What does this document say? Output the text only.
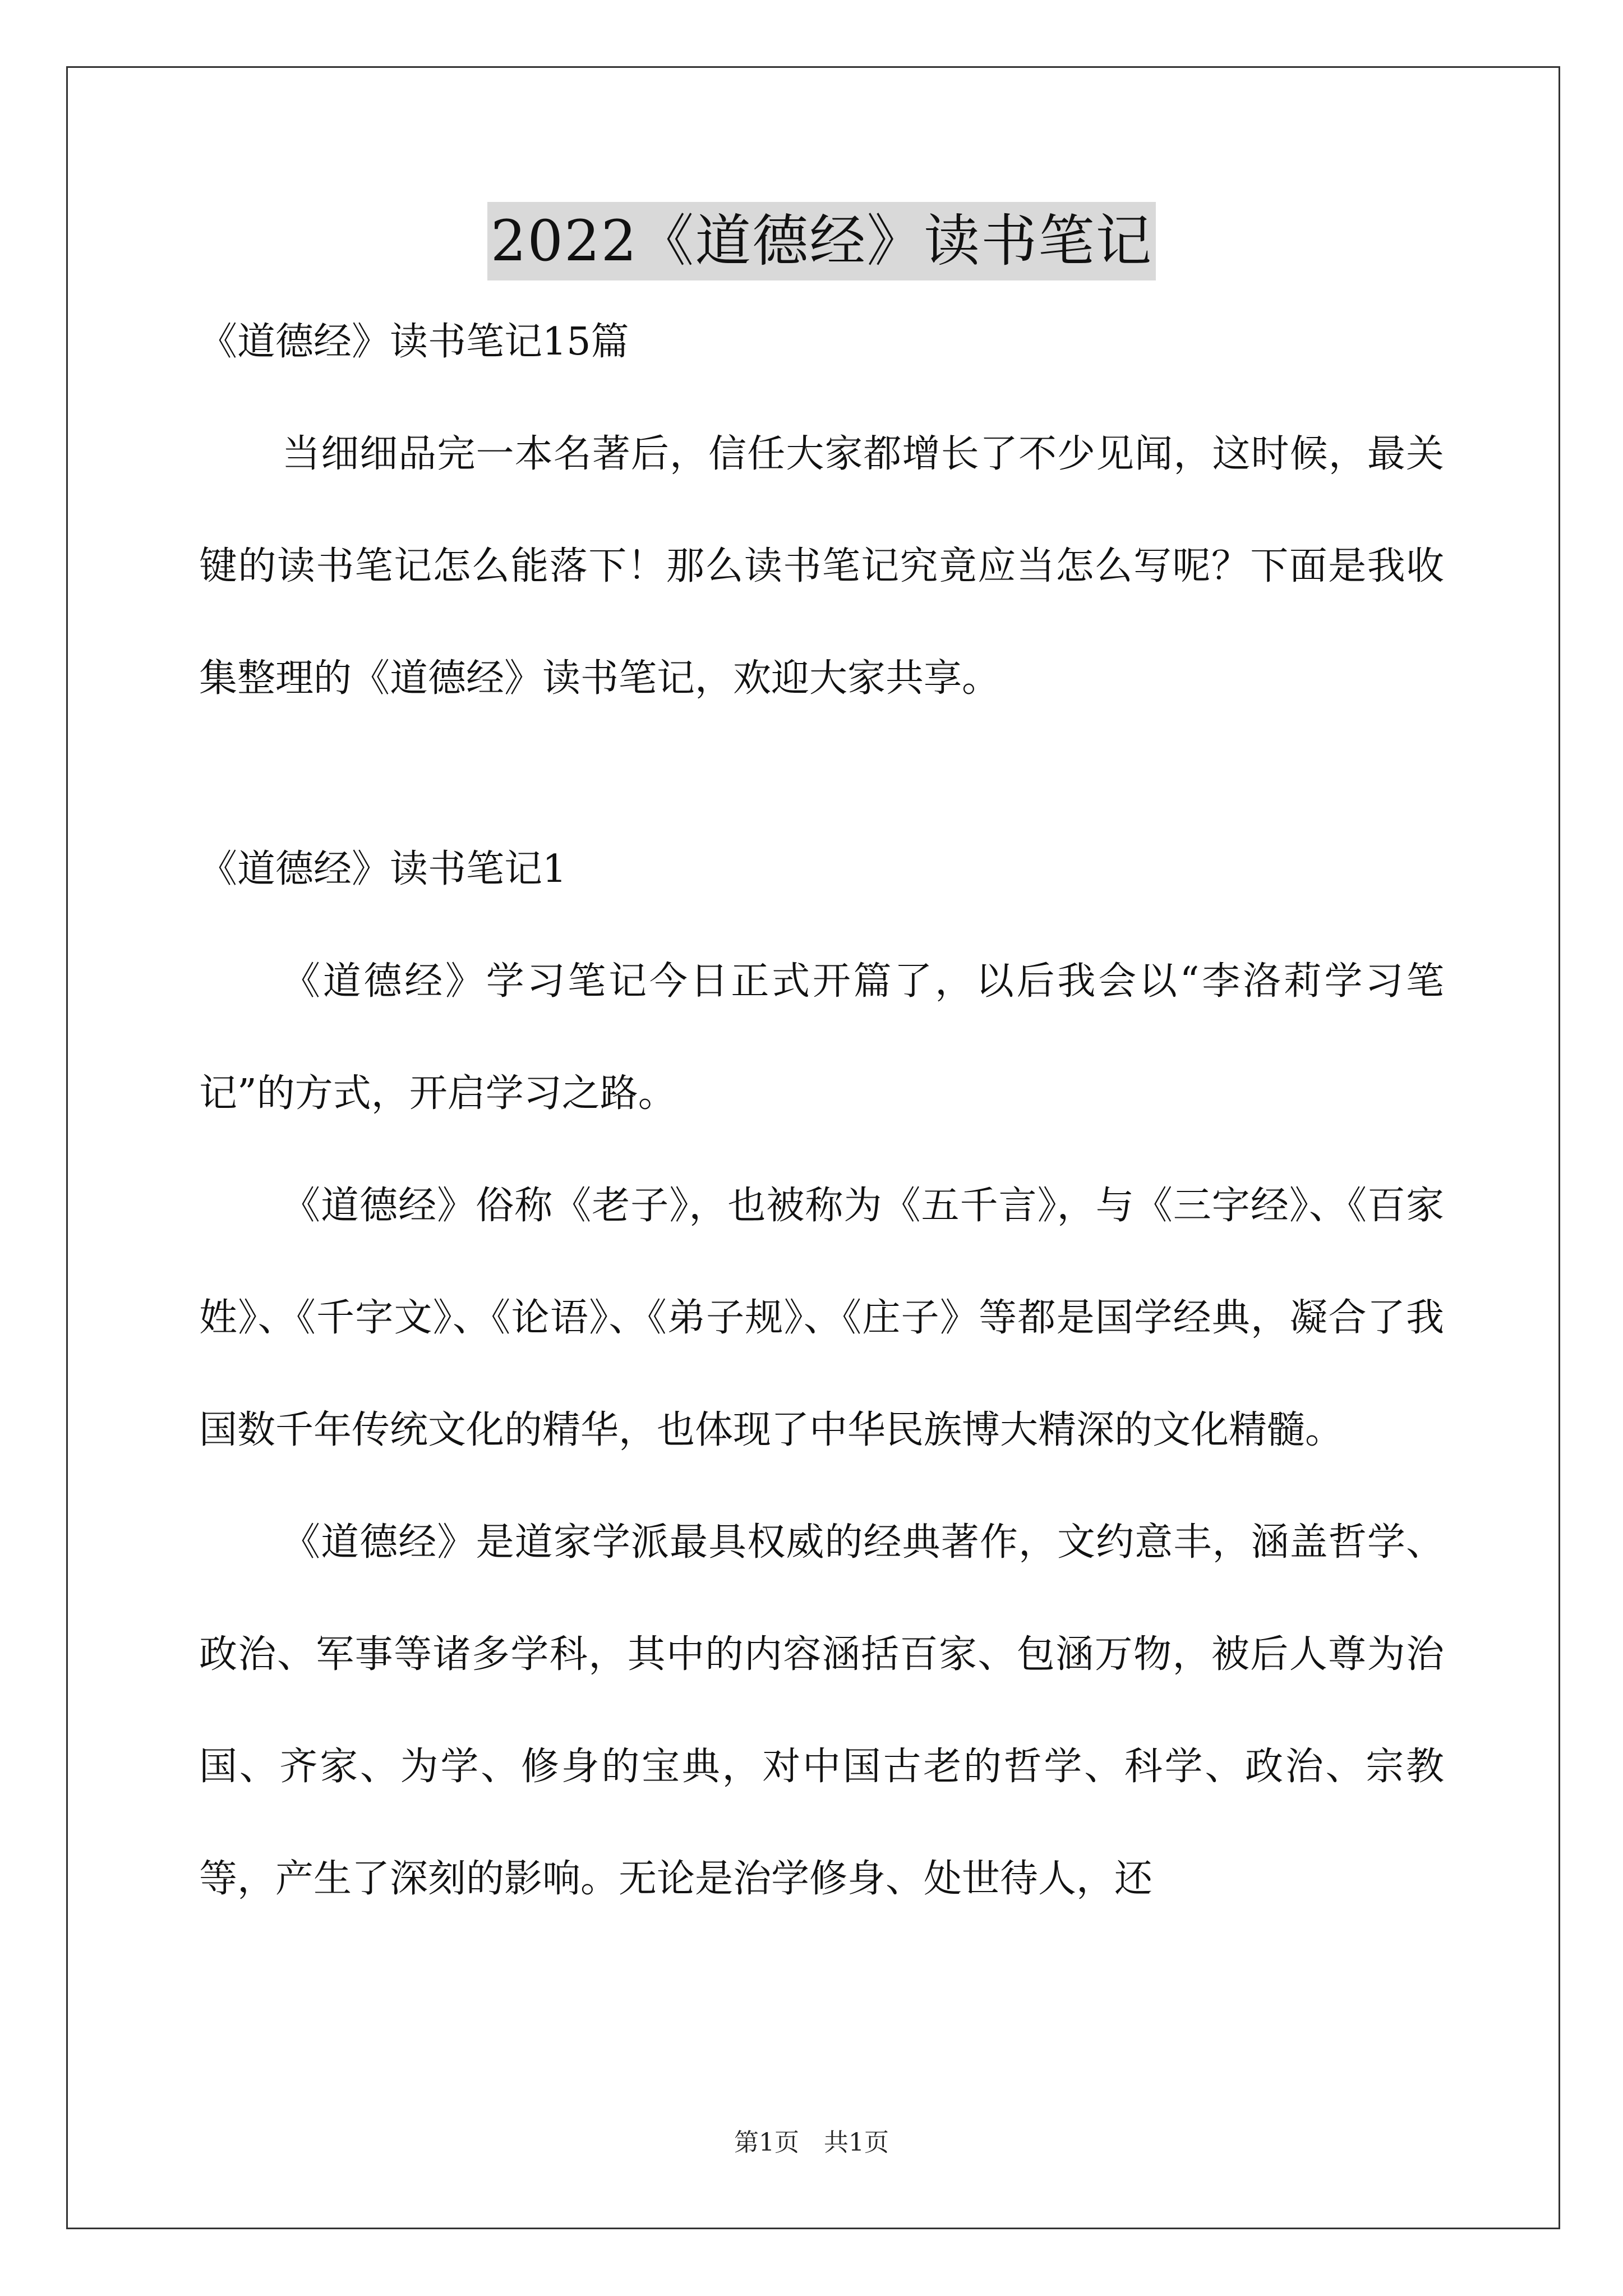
2022《道德经》读书笔记

《道德经》读书笔记15篇

当细细品完一本名著后，信任大家都增长了不少见闻，这时候，最关键的读书笔记怎么能落下！那么读书笔记究竟应当怎么写呢？下面是我收集整理的《道德经》读书笔记，欢迎大家共享。

《道德经》读书笔记1

《道德经》学习笔记今日正式开篇了，以后我会以“李洛莉学习笔记”的方式，开启学习之路。

《道德经》俗称《老子》，也被称为《五千言》，与《三字经》、《百家姓》、《千字文》、《论语》、《弟子规》、《庄子》等都是国学经典，凝合了我国数千年传统文化的精华，也体现了中华民族博大精深的文化精髓。

《道德经》是道家学派最具权威的经典著作，文约意丰，涵盖哲学、政治、军事等诸多学科，其中的内容涵括百家、包涵万物，被后人尊为治国、齐家、为学、修身的宝典，对中国古老的哲学、科学、政治、宗教等，产生了深刻的影响。无论是治学修身、处世待人，还

第1页　共1页
